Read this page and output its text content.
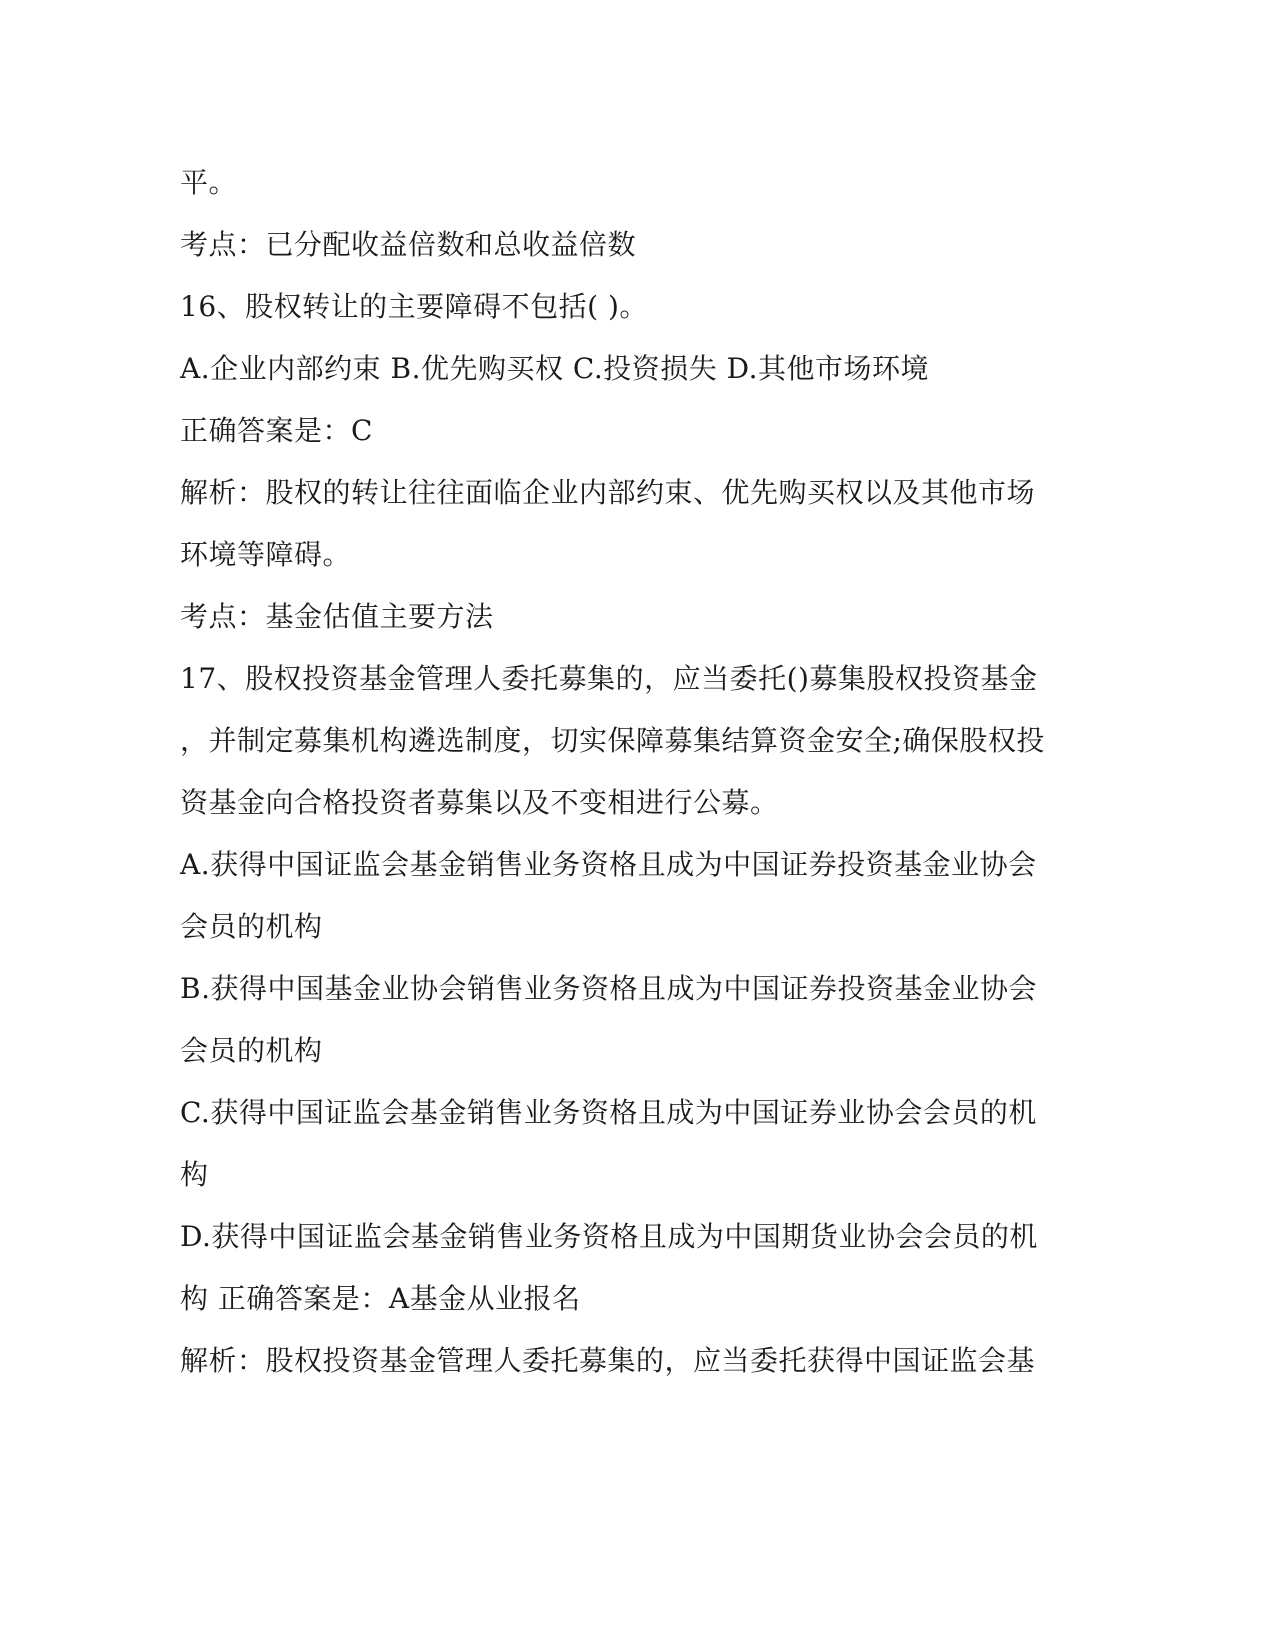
平。
考点：已分配收益倍数和总收益倍数
16、股权转让的主要障碍不包括( )。
A.企业内部约束 B.优先购买权 C.投资损失 D.其他市场环境
正确答案是：C
解析：股权的转让往往面临企业内部约束、优先购买权以及其他市场
环境等障碍。
考点：基金估值主要方法
17、股权投资基金管理人委托募集的，应当委托()募集股权投资基金
，并制定募集机构遴选制度，切实保障募集结算资金安全;确保股权投
资基金向合格投资者募集以及不变相进行公募。
A.获得中国证监会基金销售业务资格且成为中国证券投资基金业协会
会员的机构
B.获得中国基金业协会销售业务资格且成为中国证券投资基金业协会
会员的机构
C.获得中国证监会基金销售业务资格且成为中国证券业协会会员的机
构
D.获得中国证监会基金销售业务资格且成为中国期货业协会会员的机
构 正确答案是：A基金从业报名
解析：股权投资基金管理人委托募集的，应当委托获得中国证监会基
